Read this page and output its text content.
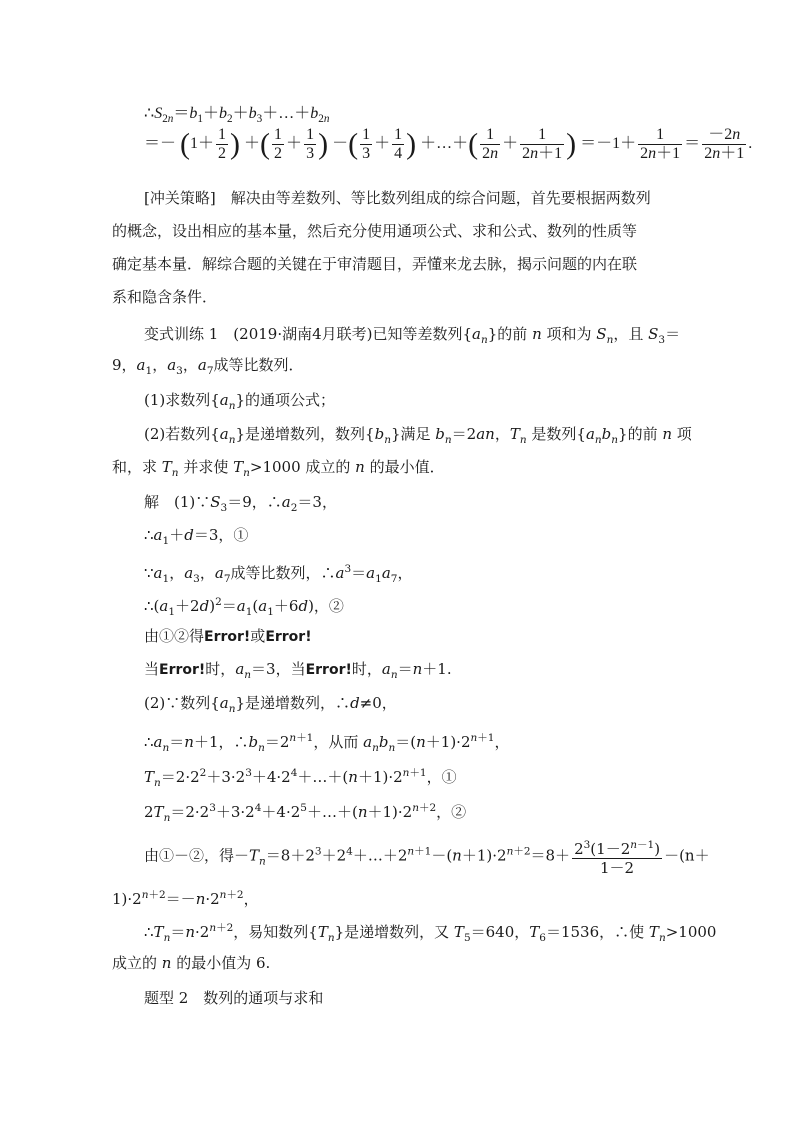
$\therefore S_{2n}=b_1+b_2+b_3+\dots+b_{2n}$
＝－ ($1+ \frac{1}{2}$ ) ＋( $\frac{1}{2} + \frac{1}{3}$ ) －( $\frac{1}{3} + \frac{1}{4}$ ) ＋…＋( $\frac{1}{2n} + \frac{1}{2n+1}$ ) $=-1+ \frac{1}{2n+1} = \frac{-2n}{2n+1}$ .
[冲关策略]　 解决由等差数列、等比数列组成的综合问题，首先要根据两数列
的概念，设出相应的基本量，然后充分使用通项公式、求和公式、数列的性质等
确定基本量．解综合题的关键在于审清题目，弄懂来龙去脉，揭示问题的内在联
系和隐含条件．
变式训练 1　(2019·湖南4月联考)已知等差数列$\{a_n\}$的前 n 项和为 $S_n$，且 $S_3=$
9，$a_1$，$a_3$，$a_7$成等比数列．
(1)求数列$\{a_n\}$的通项公式；
(2)若数列$\{a_n\}$是递增数列，数列$\{b_n\}$满足 $b_n=2an$，$T_n$ 是数列$\{a_nb_n\}$的前 n 项
和，求 $T_n$ 并求使 $T_n>1000$ 成立的 n 的最小值．
解　$(1)\because S_3=9$，$\therefore a_2=3$，
$\therefore a_1+d=3$，①
$\because a_1$，$a_3$，$a_7$成等比数列，$\therefore a^3=a_1a_7$，
$\therefore(a_1+2d)^2=a_1(a_1+6d)$，②
由①②得Error!或Error!
当Error!时，$a_n=3$，当Error!时，$a_n=n+1$.
(2)∵数列$\{a_n\}$是递增数列，∴d≠0，
$\therefore a_n=n+1$，$\therefore b_n=2^{n+1}$，从而 $a_nb_n=(n+1)\cdot 2^{n+1}$，
$T_n=2\cdot 2^2+3\cdot 2^3+4\cdot 2^4+\dots+(n+1)\cdot 2^{n+1}$，①
$2T_n=2\cdot 2^3+3\cdot 2^4+4\cdot 2^5+\dots+(n+1)\cdot 2^{n+2}$，②
由①－②，得$-T_n=8+2^3+2^4+\dots+2^{n+1}-(n+1)\cdot 2^{n+2}=8+ \frac{2^3(1-2^{n-1})}{1-2} -(n+$
$1)\cdot 2^{n+2}=-n\cdot 2^{n+2}$，
$\therefore T_n=n\cdot 2^{n+2}$，易知数列$\{T_n\}$是递增数列，又 $T_5=640$，$T_6=1536$，∴使 $T_n>1000$
成立的 n 的最小值为 6.
题型 2　数列的通项与求和
